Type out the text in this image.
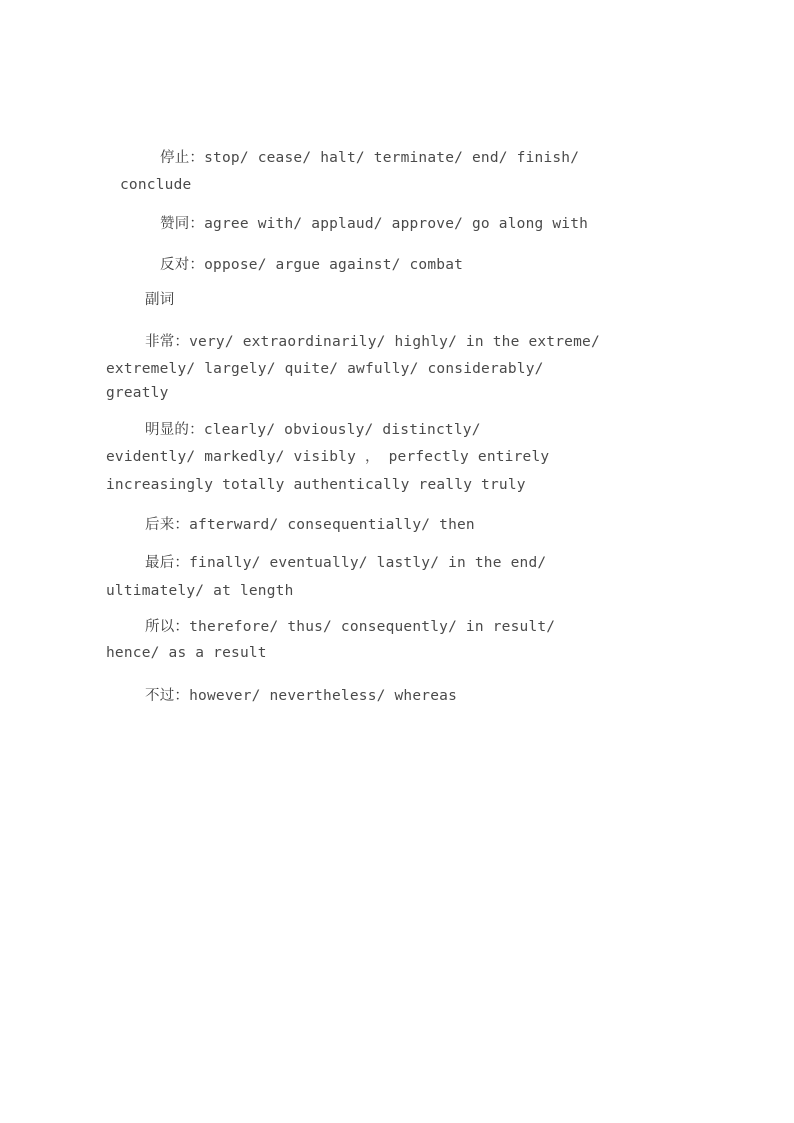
停止：stop/ cease/ halt/ terminate/ end/ finish/
conclude
赞同：agree with/ applaud/ approve/ go along with
反对：oppose/ argue against/ combat
副词
非常：very/ extraordinarily/ highly/ in the extreme/
extremely/ largely/ quite/ awfully/ considerably/
greatly
明显的：clearly/ obviously/ distinctly/
evidently/ markedly/ visibly ， perfectly entirely
increasingly totally authentically really truly
后来：afterward/ consequentially/ then
最后：finally/ eventually/ lastly/ in the end/
ultimately/ at length
所以：therefore/ thus/ consequently/ in result/
hence/ as a result
不过：however/ nevertheless/ whereas
